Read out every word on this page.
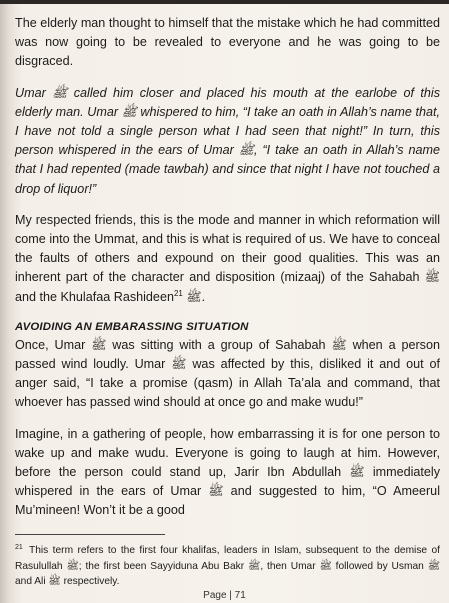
The elderly man thought to himself that the mistake which he had committed was now going to be revealed to everyone and he was going to be disgraced.

Umar ﷺ called him closer and placed his mouth at the earlobe of this elderly man. Umar ﷺ whispered to him, “I take an oath in Allah’s name that, I have not told a single person what I had seen that night!” In turn, this person whispered in the ears of Umar ﷺ, “I take an oath in Allah’s name that I had repented (made tawbah) and since that night I have not touched a drop of liquor!”

My respected friends, this is the mode and manner in which reformation will come into the Ummat, and this is what is required of us. We have to conceal the faults of others and expound on their good qualities. This was an inherent part of the character and disposition (mizaaj) of the Sahabah ﷺ and the Khulafaa Rashideen$^{21}$ ﷺ.

AVOIDING AN EMBARASSING SITUATION

Once, Umar ﷺ was sitting with a group of Sahabah ﷺ when a person passed wind loudly. Umar ﷺ was affected by this, disliked it and out of anger said, “I take a promise (qasm) in Allah Ta’ala and command, that whoever has passed wind should at once go and make wudu!”

Imagine, in a gathering of people, how embarrassing it is for one person to wake up and make wudu. Everyone is going to laugh at him. However, before the person could stand up, Jarir Ibn Abdullah ﷺ immediately whispered in the ears of Umar ﷺ and suggested to him, “O Ameerul Mu’mineen! Won’t it be a good

$^{21}$ This term refers to the first four khalifas, leaders in Islam, subsequent to the demise of Rasulullah ﷺ; the first been Sayyiduna Abu Bakr ﷺ, then Umar ﷺ followed by Usman ﷺ and Ali ﷺ respectively.
Page | 71
